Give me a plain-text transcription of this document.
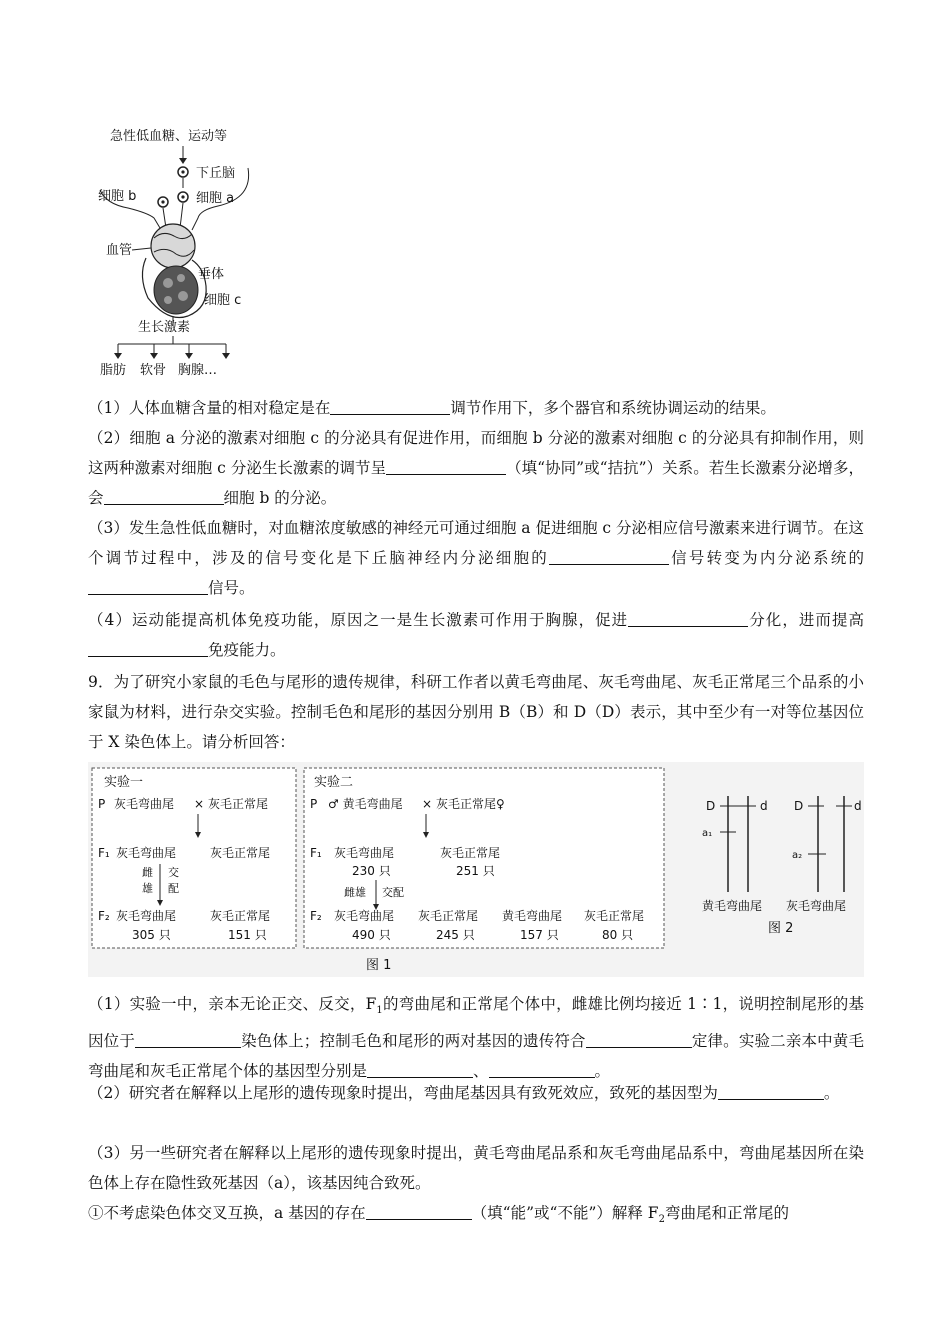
急性低血糖、运动等
下丘脑
细胞 b	细胞 a
血管
垂体
细胞 c
生长激素
脂肪 软骨 胸腺…
（1）人体血糖含量的相对稳定是在	调节作用下，多个器官和系统协调运动的结果。
（2）细胞 a 分泌的激素对细胞 c 的分泌具有促进作用，而细胞 b 分泌的激素对细胞 c 的分泌具有抑制作用，则这两种激素对细胞 c 分泌生长激素的调节呈	（填“协同”或“拮抗”）关系。若生长激素分泌增多，会	细胞 b 的分泌。
（3）发生急性低血糖时，对血糖浓度敏感的神经元可通过细胞 a 促进细胞 c 分泌相应信号激素来进行调节。在这个调节过程中，涉及的信号变化是下丘脑神经内分泌细胞的	信号转变为内分泌系统的信号。
（4）运动能提高机体免疫功能，原因之一是生长激素可作用于胸腺，促进	分化，进而提高免疫能力。
9．为了研究小家鼠的毛色与尾形的遗传规律，科研工作者以黄毛弯曲尾、灰毛弯曲尾、灰毛正常尾三个品系的小家鼠为材料，进行杂交实验。控制毛色和尾形的基因分别用 B（B）和 D（D）表示，其中至少有一对等位基因位于 X 染色体上。请分析回答：
实验一
P 灰毛弯曲尾 × 灰毛正常尾
F₁ 灰毛弯曲尾	灰毛正常尾
雌
雄
交
配
F₂ 灰毛弯曲尾
305 只
灰毛正常尾
151 只
实验二
P ♂ 黄毛弯曲尾 × 灰毛正常尾♀
F₁ 灰毛弯曲尾
230 只
灰毛正常尾
251 只
雌雄 交配
F₂ 灰毛弯曲尾
490 只
灰毛正常尾
245 只
黄毛弯曲尾
157 只
灰毛正常尾
80 只
图 1
D	d
a₁
D	d
a₂
黄毛弯曲尾 灰毛弯曲尾
图 2
（1）实验一中，亲本无论正交、反交，$F_1$的弯曲尾和正常尾个体中，雌雄比例均接近 1∶1，说明控制尾形的基因位于	染色体上；控制毛色和尾形的两对基因的遗传符合	定律。实验二亲本中黄毛弯曲尾和灰毛正常尾个体的基因型分别是	、	。
（2）研究者在解释以上尾形的遗传现象时提出，弯曲尾基因具有致死效应，致死的基因型为	。
（3）另一些研究者在解释以上尾形的遗传现象时提出，黄毛弯曲尾品系和灰毛弯曲尾品系中，弯曲尾基因所在染色体上存在隐性致死基因（a），该基因纯合致死。
①不考虑染色体交叉互换，a 基因的存在	（填“能”或“不能”）解释 $F_2$弯曲尾和正常尾的
